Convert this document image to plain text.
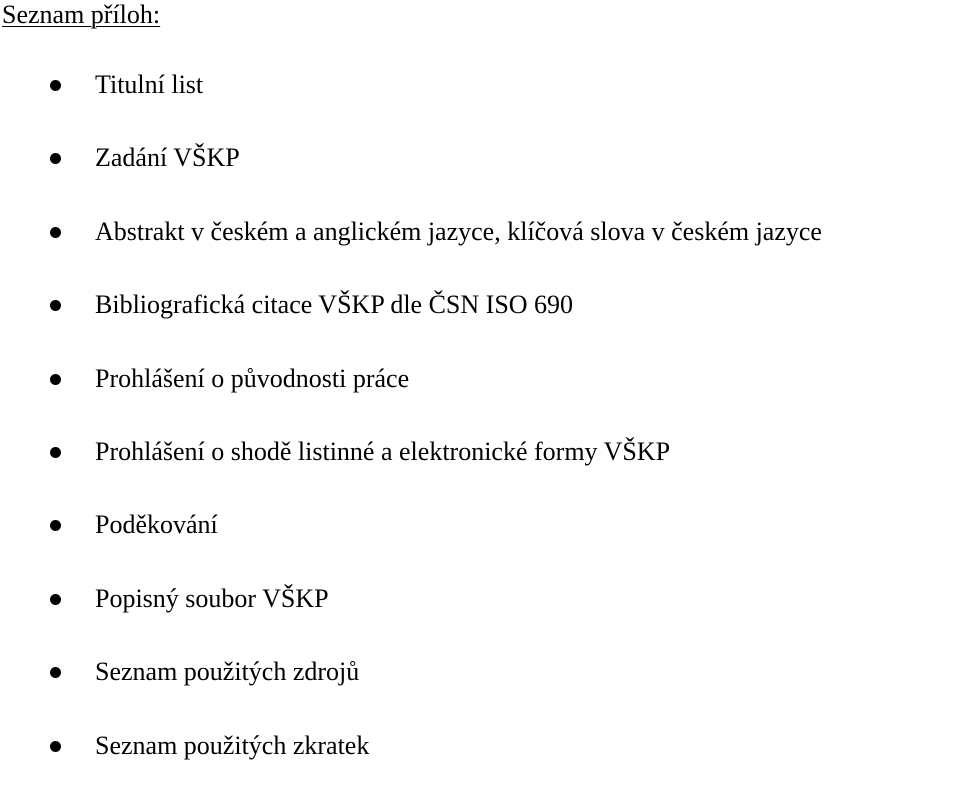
Seznam příloh:
Titulní list
Zadání VŠKP
Abstrakt v českém a anglickém jazyce, klíčová slova v českém jazyce
Bibliografická citace VŠKP dle ČSN ISO 690
Prohlášení o původnosti práce
Prohlášení o shodě listinné a elektronické formy VŠKP
Poděkování
Popisný soubor VŠKP
Seznam použitých zdrojů
Seznam použitých zkratek
